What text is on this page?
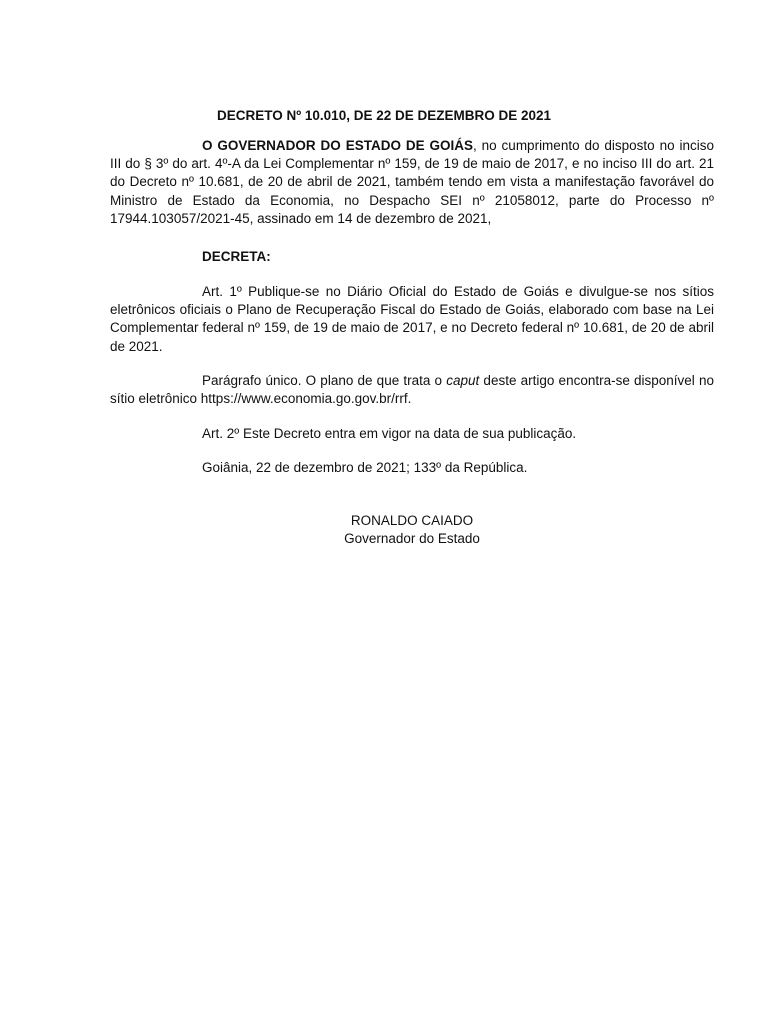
DECRETO Nº 10.010, DE 22 DE DEZEMBRO DE 2021
O GOVERNADOR DO ESTADO DE GOIÁS, no cumprimento do disposto no inciso III do § 3º do art. 4º-A da Lei Complementar nº 159, de 19 de maio de 2017, e no inciso III do art. 21 do Decreto nº 10.681, de 20 de abril de 2021, também tendo em vista a manifestação favorável do Ministro de Estado da Economia, no Despacho SEI nº 21058012, parte do Processo nº 17944.103057/2021-45, assinado em 14 de dezembro de 2021,
DECRETA:
Art. 1º Publique-se no Diário Oficial do Estado de Goiás e divulgue-se nos sítios eletrônicos oficiais o Plano de Recuperação Fiscal do Estado de Goiás, elaborado com base na Lei Complementar federal nº 159, de 19 de maio de 2017, e no Decreto federal nº 10.681, de 20 de abril de 2021.
Parágrafo único. O plano de que trata o caput deste artigo encontra-se disponível no sítio eletrônico https://www.economia.go.gov.br/rrf.
Art. 2º Este Decreto entra em vigor na data de sua publicação.
Goiânia, 22 de dezembro de 2021; 133º da República.
RONALDO CAIADO
Governador do Estado
